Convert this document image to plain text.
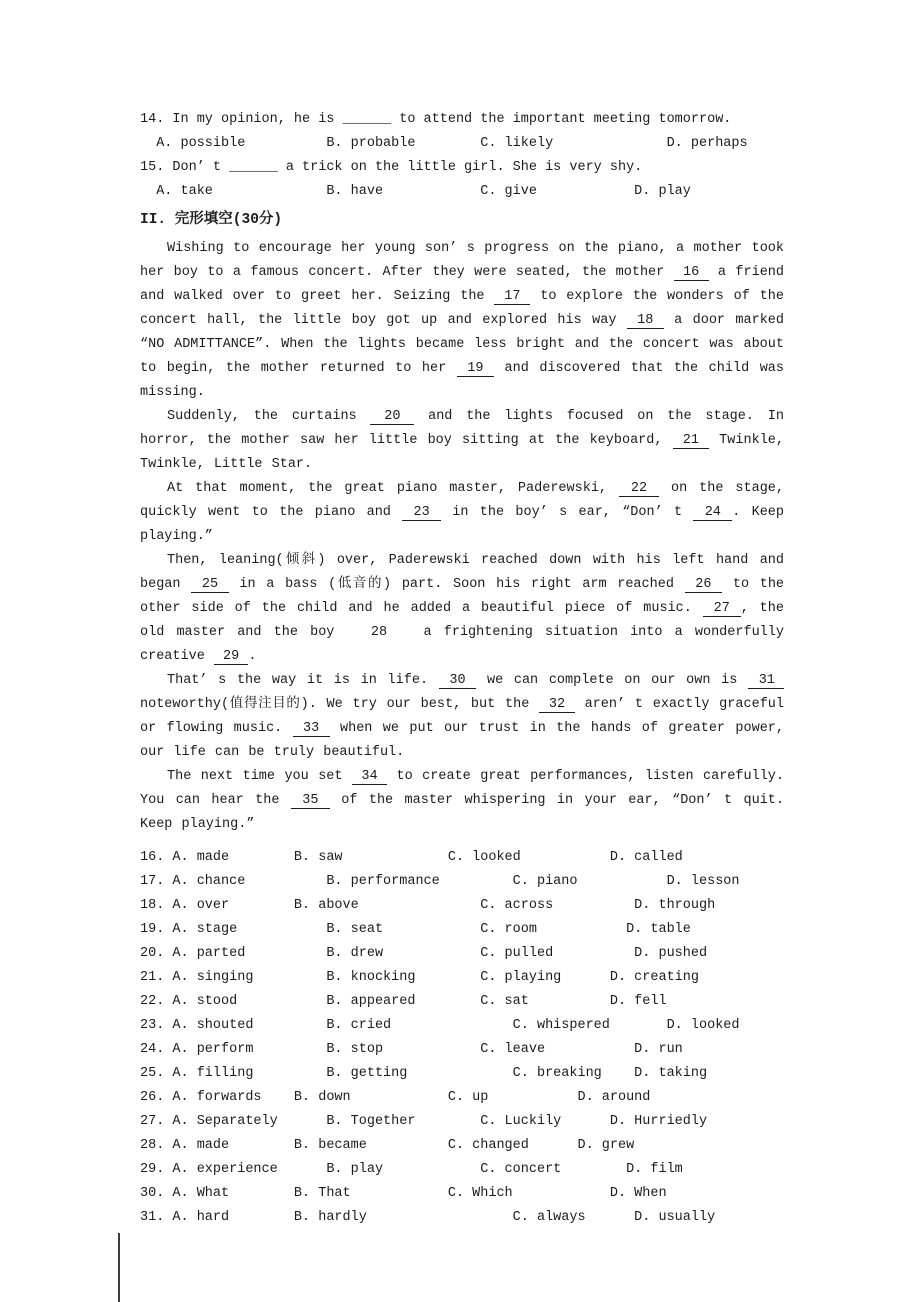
14. In my opinion, he is ______ to attend the important meeting tomorrow.
A. possible          B. probable        C. likely              D. perhaps
15. Don’ t ______ a trick on the little girl. She is very shy.
A. take              B. have            C. give            D. play
II. 完形填空(30分)

Wishing to encourage her young son’ s progress on the piano, a mother took her boy to a famous concert. After they were seated, the mother  16  a friend and walked over to greet her. Seizing the  17  to explore the wonders of the concert hall, the little boy got up and explored his way  18  a door marked “NO ADMITTANCE”. When the lights became less bright and the concert was about to begin, the mother returned to her  19  and discovered that the child was missing.

Suddenly, the curtains  20  and the lights focused on the stage. In horror, the mother saw her little boy sitting at the keyboard,  21  Twinkle, Twinkle, Little Star.

At that moment, the great piano master, Paderewski,  22  on the stage, quickly went to the piano and  23  in the boy’ s ear, “Don’ t  24 . Keep playing.”

Then, leaning(倾斜) over, Paderewski reached down with his left hand and began  25  in a bass (低音的) part. Soon his right arm reached  26  to the other side of the child and he added a beautiful piece of music.  27 , the old master and the boy   28   a frightening situation into a wonderfully creative  29 .

That’ s the way it is in life.  30  we can complete on our own is  31  noteworthy(值得注目的). We try our best, but the  32  aren’ t exactly graceful or flowing music.  33  when we put our trust in the hands of greater power, our life can be truly beautiful.

The next time you set  34  to create great performances, listen carefully. You can hear the  35  of the master whispering in your ear, “Don’ t quit. Keep playing.”

16. A. made        B. saw             C. looked           D. called
17. A. chance          B. performance         C. piano           D. lesson
18. A. over        B. above               C. across          D. through
19. A. stage           B. seat            C. room           D. table
20. A. parted          B. drew            C. pulled          D. pushed
21. A. singing         B. knocking        C. playing      D. creating
22. A. stood           B. appeared        C. sat          D. fell
23. A. shouted         B. cried               C. whispered       D. looked
24. A. perform         B. stop            C. leave           D. run
25. A. filling         B. getting             C. breaking    D. taking
26. A. forwards    B. down            C. up           D. around
27. A. Separately      B. Together        C. Luckily      D. Hurriedly
28. A. made        B. became          C. changed      D. grew
29. A. experience      B. play            C. concert        D. film
30. A. What        B. That            C. Which            D. When
31. A. hard        B. hardly                  C. always      D. usually
